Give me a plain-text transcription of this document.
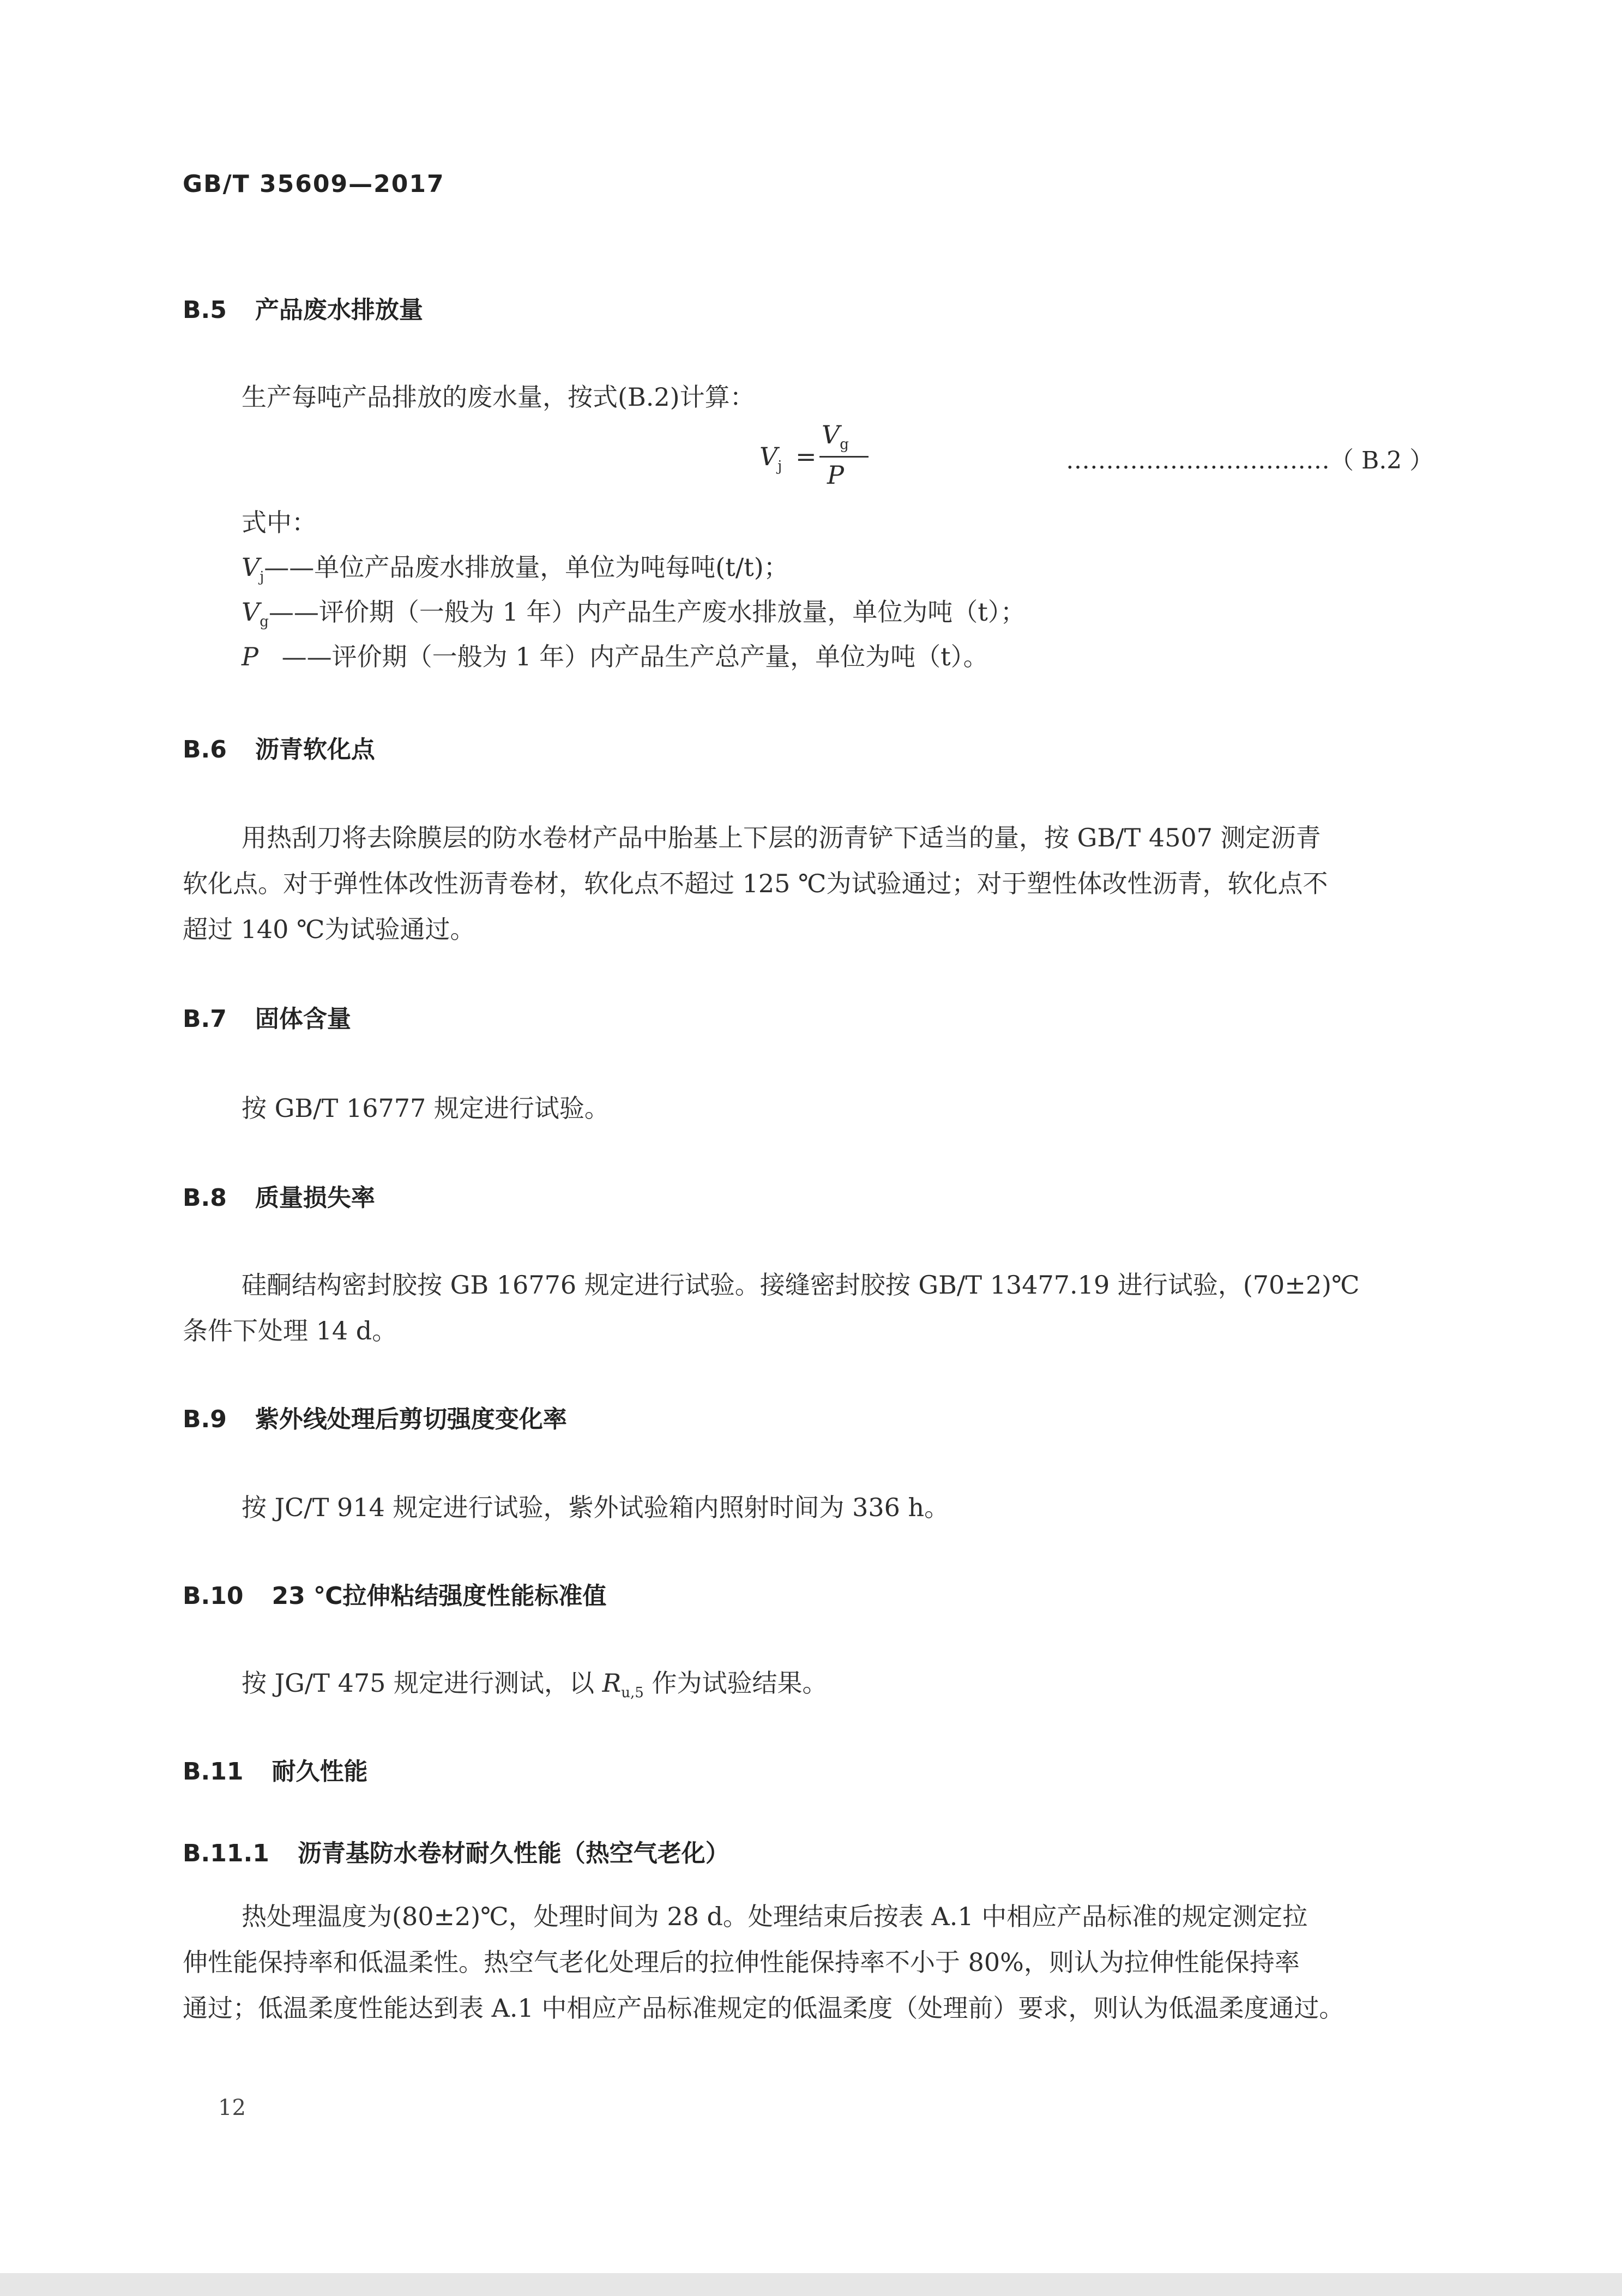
GB/T 35609—2017
B.5 产品废水排放量
生产每吨产品排放的废水量，按式(B.2)计算：
$V_j$ =
$V_g$
P	……………………………（ B.2 ）
式中：
$V_j——$单位产品废水排放量，单位为吨每吨(t/t)；
$V_g——$评价期（一般为 1 年）内产品生产废水排放量，单位为吨（t）；
P ——评价期（一般为 1 年）内产品生产总产量，单位为吨（t）。
B.6 沥青软化点
用热刮刀将去除膜层的防水卷材产品中胎基上下层的沥青铲下适当的量，按 GB/T 4507 测定沥青
软化点。对于弹性体改性沥青卷材，软化点不超过 125 ℃为试验通过；对于塑性体改性沥青，软化点不
超过 140 ℃为试验通过。
B.7 固体含量
按 GB/T 16777 规定进行试验。
B.8 质量损失率
硅酮结构密封胶按 GB 16776 规定进行试验。接缝密封胶按 GB/T 13477.19 进行试验，(70±2)℃
条件下处理 14 d。
B.9 紫外线处理后剪切强度变化率
按 JC/T 914 规定进行试验，紫外试验箱内照射时间为 336 h。
B.10 23 ℃拉伸粘结强度性能标准值
按 JG/T 475 规定进行测试，以 $R_{u,5}$ 作为试验结果。
B.11 耐久性能
B.11.1 沥青基防水卷材耐久性能（热空气老化）
热处理温度为(80±2)℃，处理时间为 28 d。处理结束后按表 A.1 中相应产品标准的规定测定拉
伸性能保持率和低温柔性。热空气老化处理后的拉伸性能保持率不小于 80%，则认为拉伸性能保持率
通过；低温柔度性能达到表 A.1 中相应产品标准规定的低温柔度（处理前）要求，则认为低温柔度通过。
12
